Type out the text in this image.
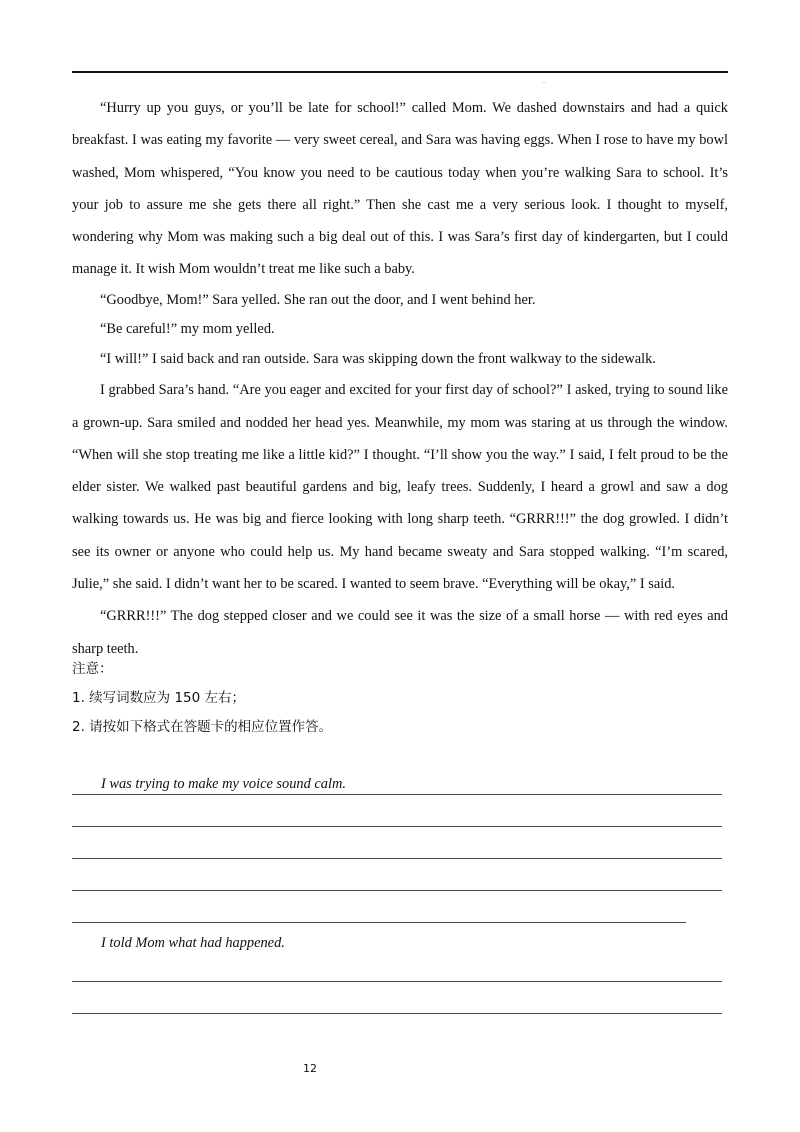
.

“Hurry up you guys, or you’ll be late for school!” called Mom. We dashed downstairs and had a quick breakfast. I was eating my favorite — very sweet cereal, and Sara was having eggs. When I rose to have my bowl washed, Mom whispered, “You know you need to be cautious today when you’re walking Sara to school. It’s your job to assure me she gets there all right.” Then she cast me a very serious look. I thought to myself, wondering why Mom was making such a big deal out of this. I was Sara’s first day of kindergarten, but I could manage it. It wish Mom wouldn’t treat me like such a baby.

“Goodbye, Mom!” Sara yelled. She ran out the door, and I went behind her.

“Be careful!” my mom yelled.

“I will!” I said back and ran outside. Sara was skipping down the front walkway to the sidewalk.

I grabbed Sara’s hand. “Are you eager and excited for your first day of school?” I asked, trying to sound like a grown-up. Sara smiled and nodded her head yes. Meanwhile, my mom was staring at us through the window. “When will she stop treating me like a little kid?” I thought. “I’ll show you the way.” I said, I felt proud to be the elder sister. We walked past beautiful gardens and big, leafy trees. Suddenly, I heard a growl and saw a dog walking towards us. He was big and fierce looking with long sharp teeth. “GRRR!!!” the dog growled. I didn’t see its owner or anyone who could help us. My hand became sweaty and Sara stopped walking. “I’m scared, Julie,” she said. I didn’t want her to be scared. I wanted to seem brave. “Everything will be okay,” I said.

“GRRR!!!” The dog stepped closer and we could see it was the size of a small horse — with red eyes and sharp teeth.

注意：
1. 续写词数应为 150 左右；
2. 请按如下格式在答题卡的相应位置作答。
I was trying to make my voice sound calm.
I told Mom what had happened.
12
